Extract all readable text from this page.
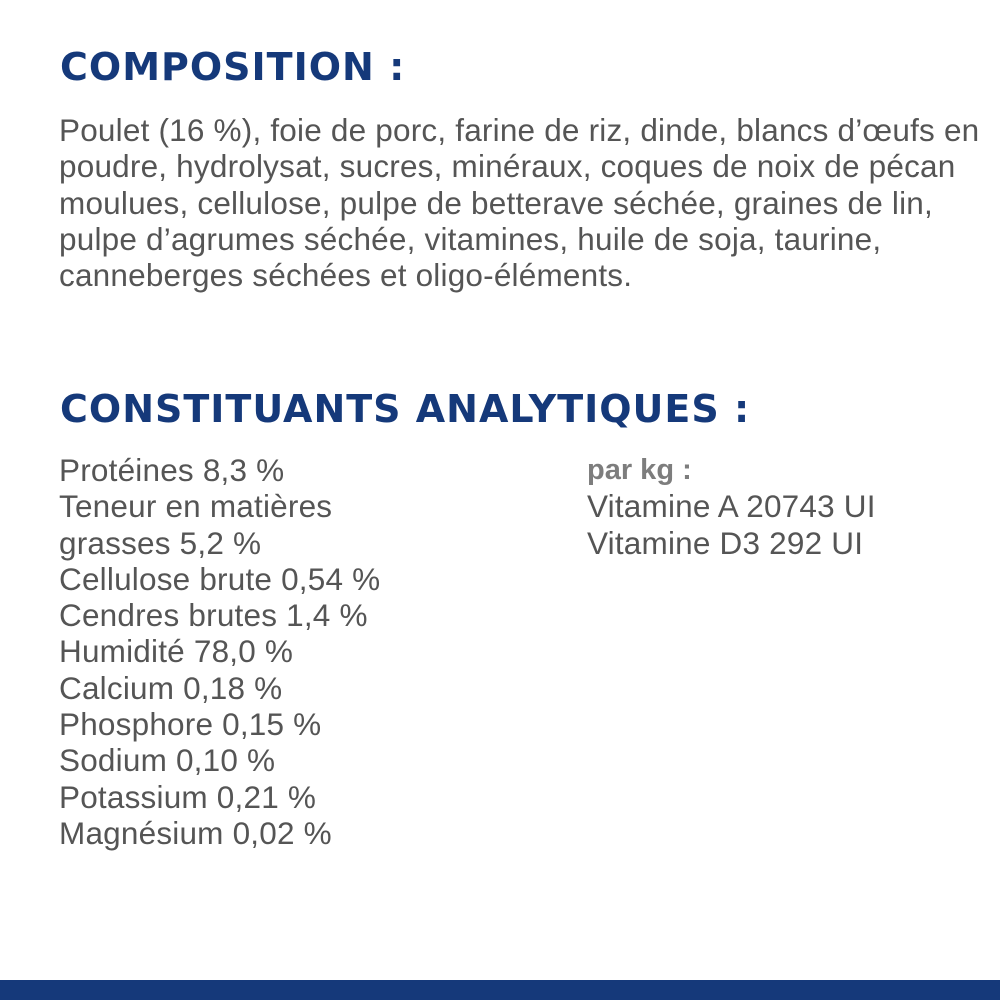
COMPOSITION :

Poulet (16 %), foie de porc, farine de riz, dinde, blancs d’œufs en poudre, hydrolysat, sucres, minéraux, coques de noix de pécan moulues, cellulose, pulpe de betterave séchée, graines de lin, pulpe d’agrumes séchée, vitamines, huile de soja, taurine, canneberges séchées et oligo-éléments.

CONSTITUANTS ANALYTIQUES :
Protéines 8,3 %
Teneur en matières
grasses 5,2 %
Cellulose brute 0,54 %
Cendres brutes 1,4 %
Humidité 78,0 %
Calcium 0,18 %
Phosphore 0,15 %
Sodium 0,10 %
Potassium 0,21 %
Magnésium 0,02 %
par kg :
Vitamine A 20743 UI
Vitamine D3 292 UI
